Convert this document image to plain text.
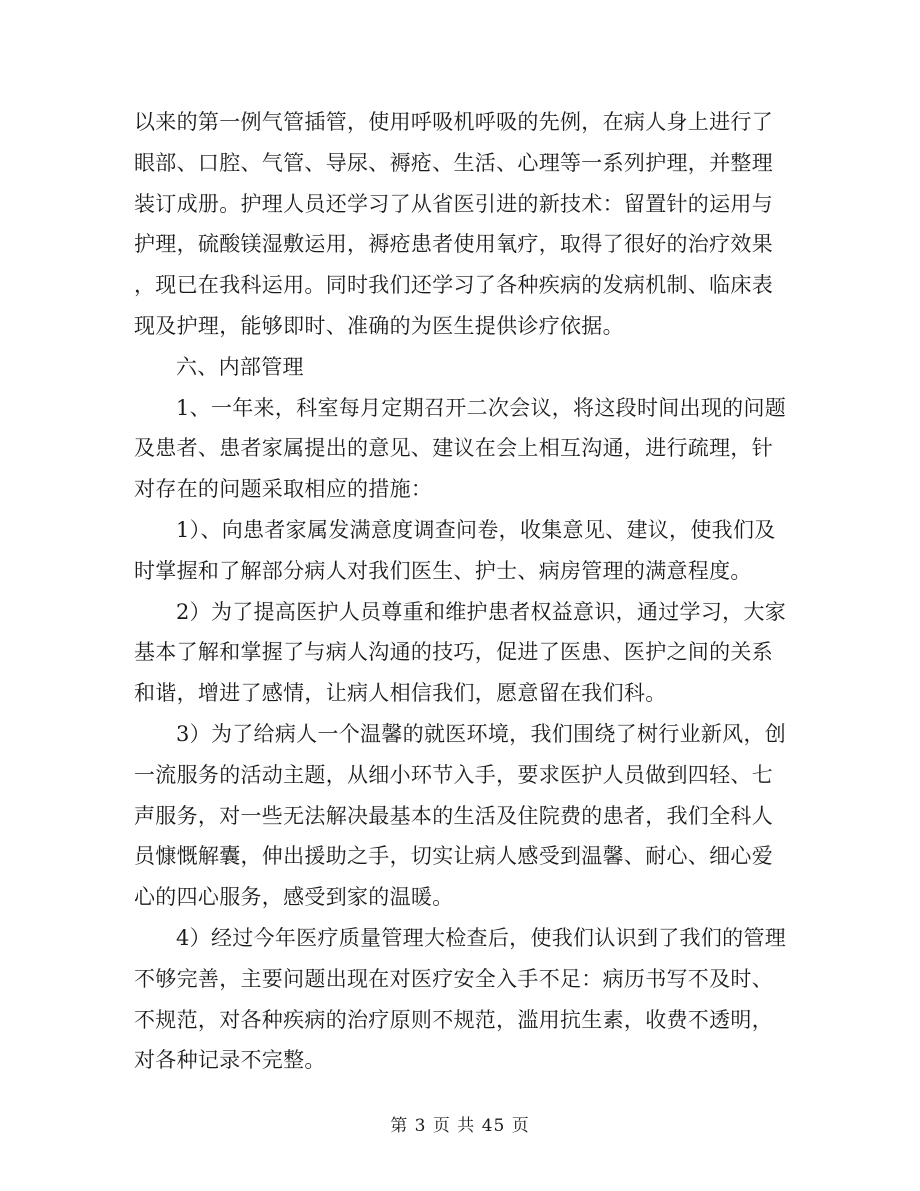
以来的第一例气管插管，使用呼吸机呼吸的先例，在病人身上进行了
眼部、口腔、气管、导尿、褥疮、生活、心理等一系列护理，并整理
装订成册。护理人员还学习了从省医引进的新技术：留置针的运用与
护理，硫酸镁湿敷运用，褥疮患者使用氧疗，取得了很好的治疗效果
，现已在我科运用。同时我们还学习了各种疾病的发病机制、临床表
现及护理，能够即时、准确的为医生提供诊疗依据。
六、内部管理
1、一年来，科室每月定期召开二次会议，将这段时间出现的问题
及患者、患者家属提出的意见、建议在会上相互沟通，进行疏理，针
对存在的问题采取相应的措施：
1）、向患者家属发满意度调查问卷，收集意见、建议，使我们及
时掌握和了解部分病人对我们医生、护士、病房管理的满意程度。
2）为了提高医护人员尊重和维护患者权益意识，通过学习，大家
基本了解和掌握了与病人沟通的技巧，促进了医患、医护之间的关系
和谐，增进了感情，让病人相信我们，愿意留在我们科。
3）为了给病人一个温馨的就医环境，我们围绕了树行业新风，创
一流服务的活动主题，从细小环节入手，要求医护人员做到四轻、七
声服务，对一些无法解决最基本的生活及住院费的患者，我们全科人
员慷慨解囊，伸出援助之手，切实让病人感受到温馨、耐心、细心爱
心的四心服务，感受到家的温暖。
4）经过今年医疗质量管理大检查后，使我们认识到了我们的管理
不够完善，主要问题出现在对医疗安全入手不足：病历书写不及时、
不规范，对各种疾病的治疗原则不规范，滥用抗生素，收费不透明，
对各种记录不完整。
第 3 页 共 45 页
